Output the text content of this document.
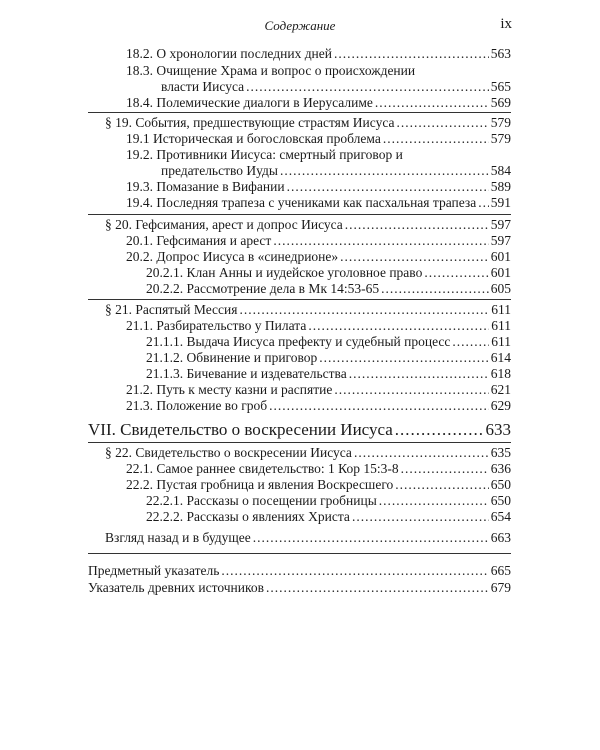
Содержание	ix
18.2. О хронологии последних дней .....	563
18.3. Очищение Храма и вопрос о происхождении
власти Иисуса .....	565
18.4. Полемические диалоги в Иерусалиме .....	569
§ 19. События, предшествующие страстям Иисуса .....	579
19.1 Историческая и богословская проблема .....	579
19.2. Противники Иисуса: смертный приговор и
предательство Иуды .....	584
19.3. Помазание в Вифании .....	589
19.4. Последняя трапеза с учениками как пасхальная трапеза ..... 591
§ 20. Гефсимания, арест и допрос Иисуса .....	597
20.1. Гефсимания и арест .....	597
20.2. Допрос Иисуса в «синедрионе» .....	601
20.2.1. Клан Анны и иудейское уголовное право .....	601
20.2.2. Рассмотрение дела в Мк 14:53-65 .....	605
§ 21. Распятый Мессия .....	611
21.1. Разбирательство у Пилата .....	611
21.1.1. Выдача Иисуса префекту и судебный процесс .....	611
21.1.2. Обвинение и приговор .....	614
21.1.3. Бичевание и издевательства .....	618
21.2. Путь к месту казни и распятие .....	621
21.3. Положение во гроб .....	629
VII. Свидетельство о воскресении Иисуса .....	633
§ 22. Свидетельство о воскресении Иисуса .....	635
22.1. Самое раннее свидетельство: 1 Кор 15:3-8 .....	636
22.2. Пустая гробница и явления Воскресшего .....	650
22.2.1. Рассказы о посещении гробницы .....	650
22.2.2. Рассказы о явлениях Христа .....	654
Взгляд назад и в будущее .....	663
Предметный указатель .....	665
Указатель древних источников .....	679
